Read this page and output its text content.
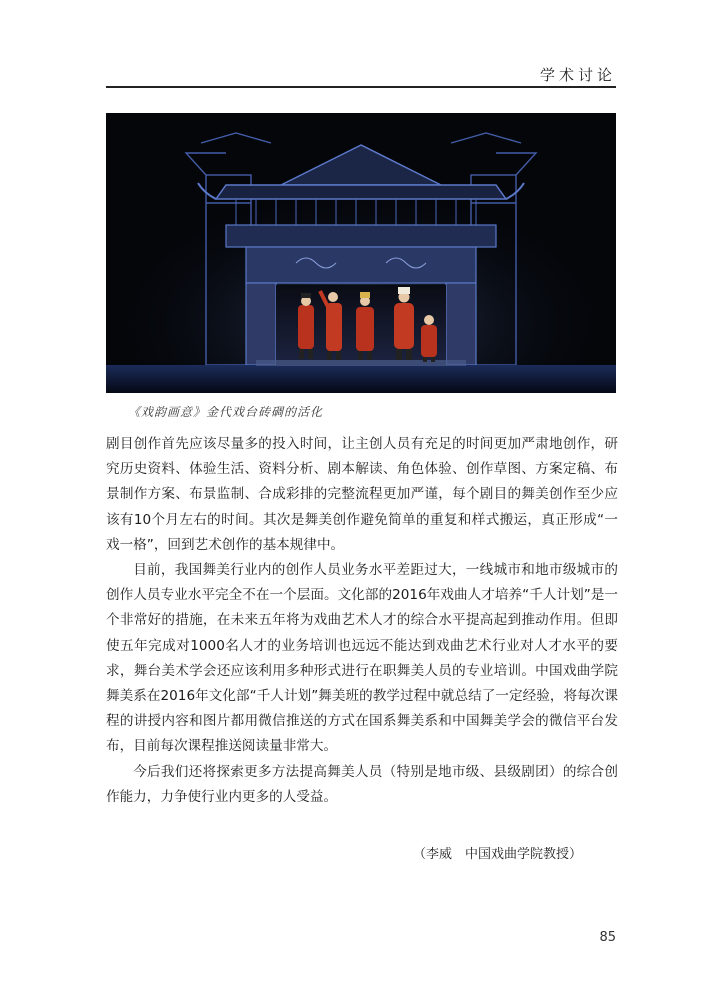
学术讨论
《戏韵画意》金代戏台砖碉的活化

剧目创作首先应该尽量多的投入时间，让主创人员有充足的时间更加严肃地创作，研究历史资料、体验生活、资料分析、剧本解读、角色体验、创作草图、方案定稿、布景制作方案、布景监制、合成彩排的完整流程更加严谨，每个剧目的舞美创作至少应该有10个月左右的时间。其次是舞美创作避免简单的重复和样式搬运，真正形成“一戏一格”，回到艺术创作的基本规律中。

目前，我国舞美行业内的创作人员业务水平差距过大，一线城市和地市级城市的创作人员专业水平完全不在一个层面。文化部的2016年戏曲人才培养“千人计划”是一个非常好的措施，在未来五年将为戏曲艺术人才的综合水平提高起到推动作用。但即使五年完成对1000名人才的业务培训也远远不能达到戏曲艺术行业对人才水平的要求，舞台美术学会还应该利用多种形式进行在职舞美人员的专业培训。中国戏曲学院舞美系在2016年文化部“千人计划”舞美班的教学过程中就总结了一定经验，将每次课程的讲授内容和图片都用微信推送的方式在国系舞美系和中国舞美学会的微信平台发布，目前每次课程推送阅读量非常大。

今后我们还将探索更多方法提高舞美人员（特别是地市级、县级剧团）的综合创作能力，力争使行业内更多的人受益。

（李威　中国戏曲学院教授）
85
